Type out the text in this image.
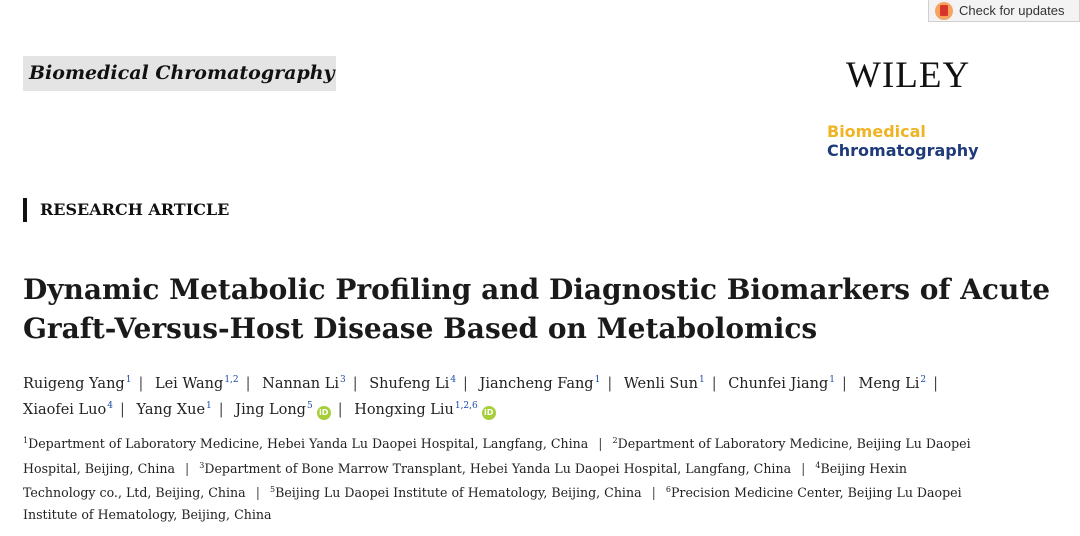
Check for updates
Biomedical Chromatography	WILEY
Biomedical
Chromatography
RESEARCH ARTICLE
Dynamic Metabolic Profiling and Diagnostic Biomarkers of Acute Graft-Versus-Host Disease Based on Metabolomics
Ruigeng Yang$^1$ | Lei Wang$^{1,2}$ | Nannan Li$^3$ | Shufeng Li$^4$ | Jiancheng Fang$^1$ | Wenli Sun$^1$ | Chunfei Jiang$^1$ | Meng Li$^2$ | Xiaofei Luo$^4$ | Yang Xue$^1$ | Jing Long$^5$iD | Hongxing Liu$^{1,2,6}$iD
$^1$Department of Laboratory Medicine, Hebei Yanda Lu Daopei Hospital, Langfang, China | $^2$Department of Laboratory Medicine, Beijing Lu Daopei Hospital, Beijing, China | $^3$Department of Bone Marrow Transplant, Hebei Yanda Lu Daopei Hospital, Langfang, China | $^4$Beijing Hexin Technology co., Ltd, Beijing, China | $^5$Beijing Lu Daopei Institute of Hematology, Beijing, China | $^6$Precision Medicine Center, Beijing Lu Daopei Institute of Hematology, Beijing, China
